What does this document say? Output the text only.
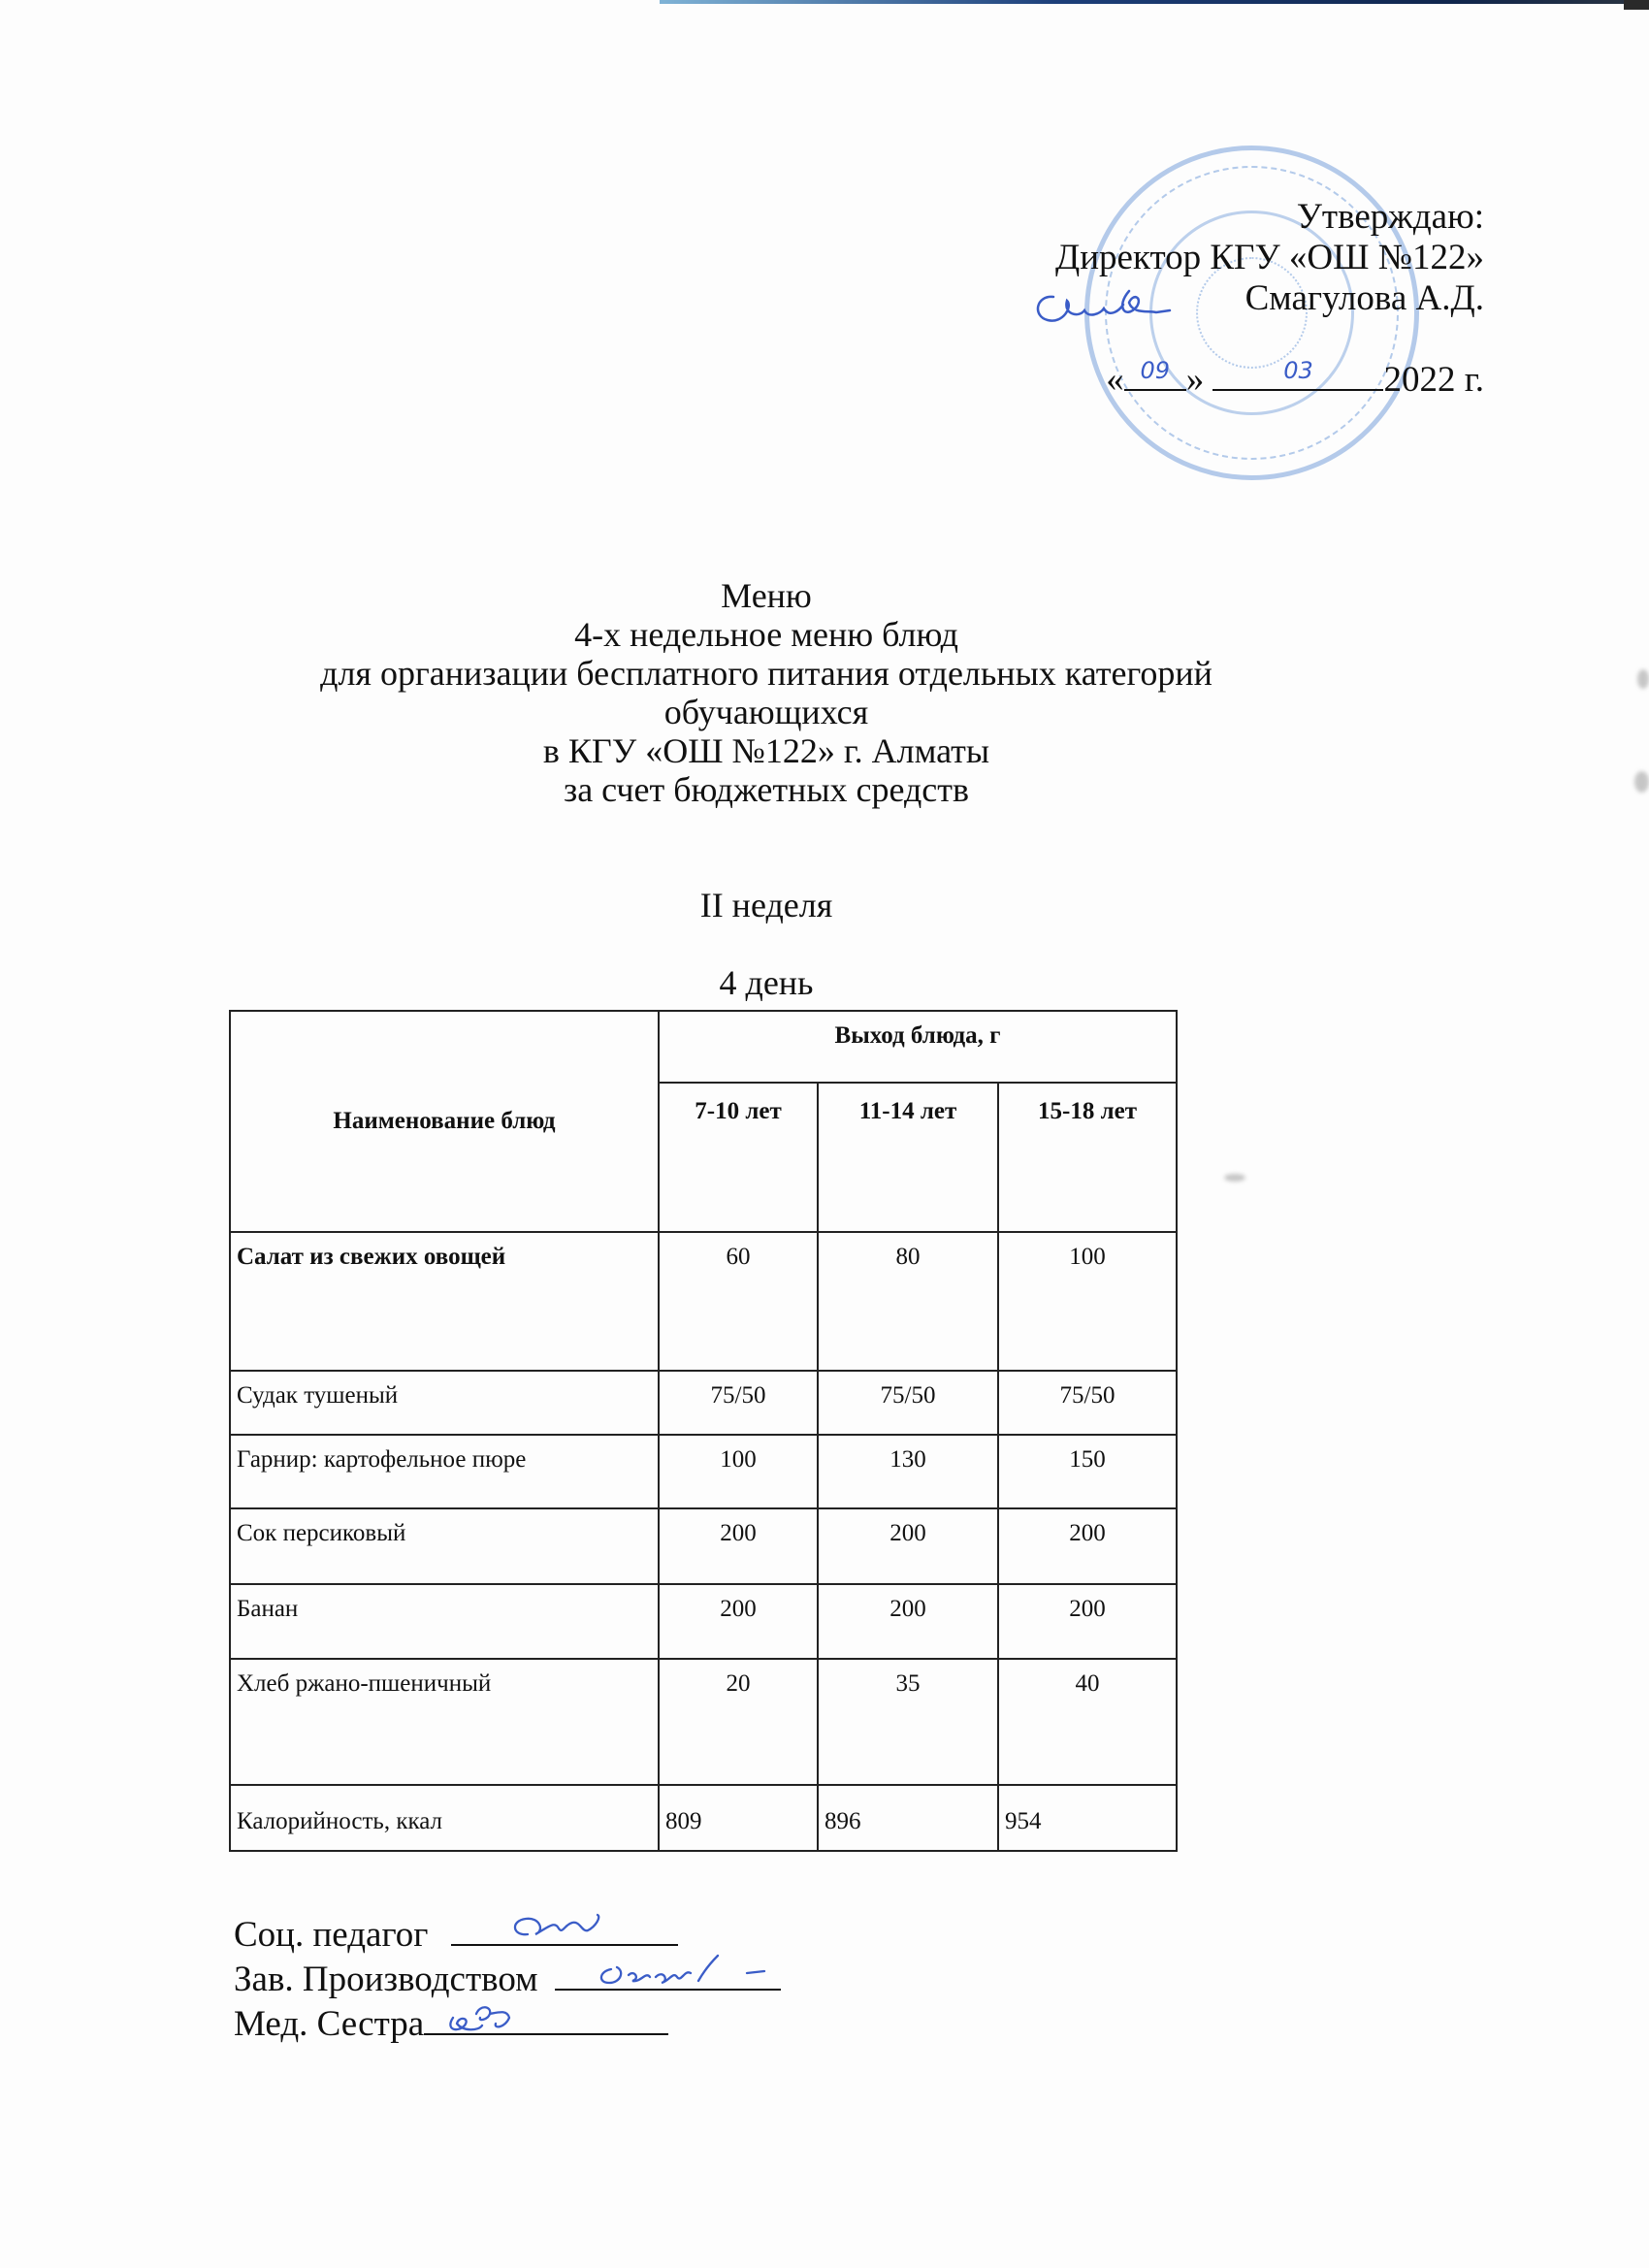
Утверждаю:
Директор КГУ «ОШ №122»
Смагулова А.Д.
« 09 »	03	2022 г.
Меню
4-х недельное меню блюд
для организации бесплатного питания отдельных категорий обучающихся
в КГУ «ОШ №122» г. Алматы
за счет бюджетных средств
II неделя
4 день
Наименование блюд	Выход блюда, г		
	7-10 лет	11-14 лет	15-18 лет
Салат из свежих овощей	60	80	100
Судак тушеный	75/50	75/50	75/50
Гарнир: картофельное пюре	100	130	150
Сок персиковый	200	200	200
Банан	200	200	200
Хлеб ржано-пшеничный	20	35	40
Калорийность, ккал	809	896	954
Соц. педагог
Зав. Производством
Мед. Сестра
